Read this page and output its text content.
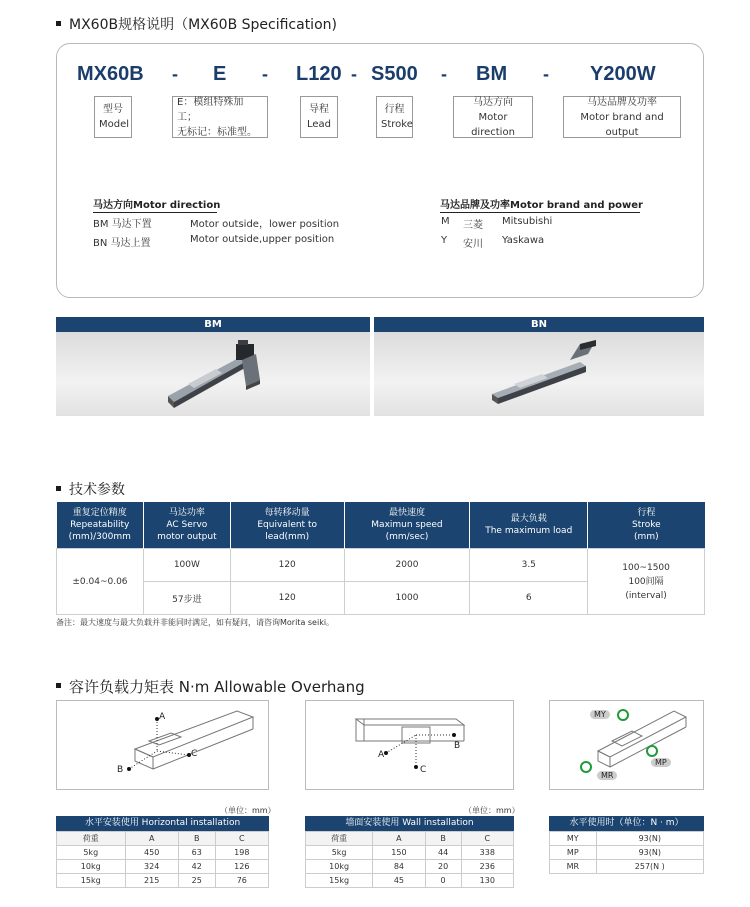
MX60B规格说明（MX60B Specification)
MX60B - E - L120 - S500 - BM - Y200W
型号
Model
E：模组特殊加工；
无标记：标准型。
导程
Lead
行程
Stroke
马达方向
Motor direction
马达品牌及功率
Motor brand and output
马达方向Motor direction
BM 马达下置	Motor outside，lower position
BN 马达上置	Motor outside,upper position
马达品牌及功率Motor brand and power
M 三菱 Mitsubishi
Y 安川 Yaskawa
BM	BN
技术参数
重复定位精度
Repeatability
(mm)/300mm	马达功率
AC Servo
motor output	每转移动量
Equivalent to
lead(mm)	最快速度
Maximun speed
(mm/sec)	最大负载
The maximum load	行程
Stroke
(mm)
±0.04~0.06	100W	120	2000	3.5	100~1500
100间隔
(interval)
	57步进	120	1000	6	
备注：最大速度与最大负载并非能同时满足，如有疑问，请咨询Morita seiki。
容许负载力矩表 N·m Allowable Overhang
A
C
B
A
B
C
MY
MP
MR
（单位：mm）	（单位：mm）
水平安装使用 Horizontal installation
荷重	A	B	C
5kg	450	63	198
10kg	324	42	126
15kg	215	25	76
墙面安装使用 Wall installation
荷重	A	B	C
5kg	150	44	338
10kg	84	20	236
15kg	45	0	130
水平使用时（单位：N · m）
MY	93(N)
MP	93(N)
MR	257(N )
